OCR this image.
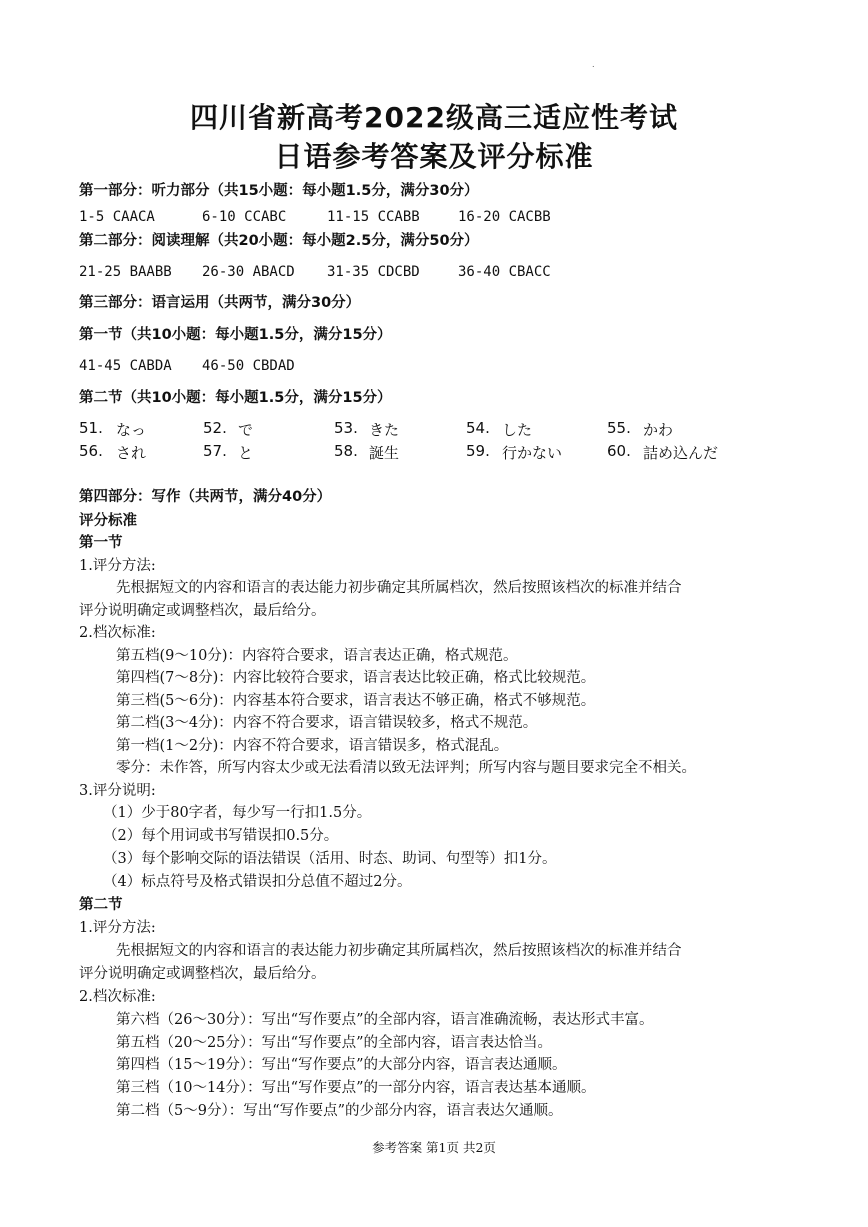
.
四川省新高考2022级高三适应性考试
日语参考答案及评分标准
第一部分：听力部分（共15小题：每小题1.5分，满分30分）
1-5 CAACA	6-10 CCABC	11-15 CCABB	16-20 CACBB
第二部分：阅读理解（共20小题：每小题2.5分，满分50分）
21-25 BAABB 26-30 ABACD 31-35 CDCBD	36-40 CBACC
第三部分：语言运用（共两节，满分30分）
第一节（共10小题：每小题1.5分，满分15分）
41-45 CABDA 46-50 CBDAD
第二节（共10小题：每小题1.5分，满分15分）
51. なっ	52. で	53. きた	54. した	55. かわ
56. され	57. と	58. 誕生	59. 行かない	60. 詰め込んだ
第四部分：写作（共两节，满分40分）
评分标准
第一节
1.评分方法:
先根据短文的内容和语言的表达能力初步确定其所属档次，然后按照该档次的标准并结合
评分说明确定或调整档次，最后给分。
2.档次标准:
第五档(9～10分)：内容符合要求，语言表达正确，格式规范。
第四档(7～8分)：内容比较符合要求，语言表达比较正确，格式比较规范。
第三档(5～6分)：内容基本符合要求，语言表达不够正确，格式不够规范。
第二档(3～4分)：内容不符合要求，语言错误较多，格式不规范。
第一档(1～2分)：内容不符合要求，语言错误多，格式混乱。
零分：未作答，所写内容太少或无法看清以致无法评判；所写内容与题目要求完全不相关。
3.评分说明:
（1）少于80字者，每少写一行扣1.5分。
（2）每个用词或书写错误扣0.5分。
（3）每个影响交际的语法错误（活用、时态、助词、句型等）扣1分。
（4）标点符号及格式错误扣分总值不超过2分。
第二节
1.评分方法:
先根据短文的内容和语言的表达能力初步确定其所属档次，然后按照该档次的标准并结合
评分说明确定或调整档次，最后给分。
2.档次标准:
第六档（26～30分）：写出“写作要点”的全部内容，语言准确流畅，表达形式丰富。
第五档（20～25分）：写出“写作要点”的全部内容，语言表达恰当。
第四档（15～19分）：写出“写作要点”的大部分内容，语言表达通顺。
第三档（10～14分）：写出“写作要点”的一部分内容，语言表达基本通顺。
第二档（5～9分）：写出“写作要点”的少部分内容，语言表达欠通顺。
参考答案 第1页 共2页
